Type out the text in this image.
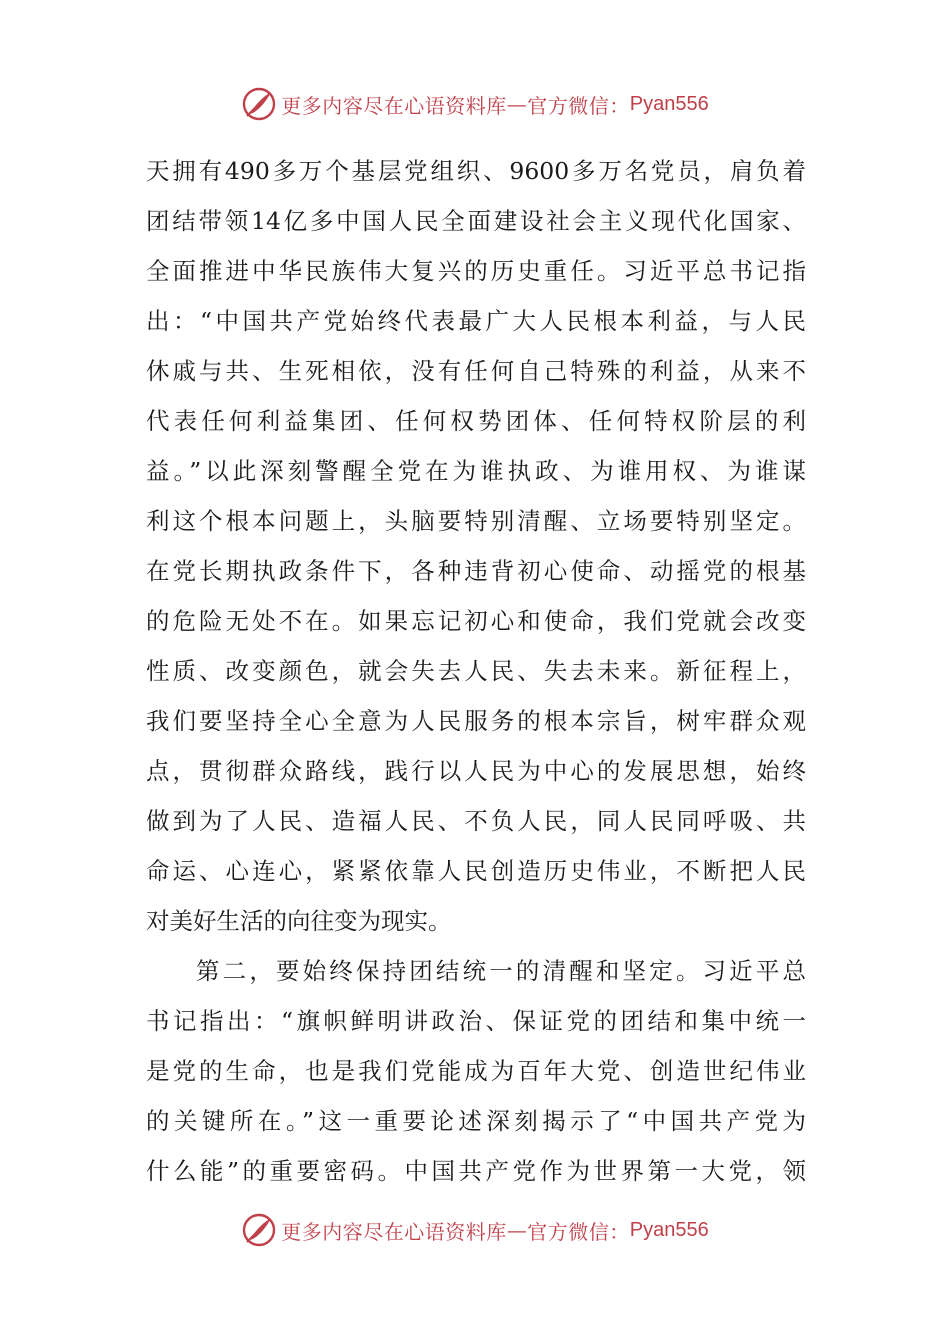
更多内容尽在心语资料库 — 官方微信： Pyan556
天拥有490多万个基层党组织、9600多万名党员，肩负着
团结带领14亿多中国人民全面建设社会主义现代化国家、
全面推进中华民族伟大复兴的历史重任。习近平总书记指
出：“中国共产党始终代表最广大人民根本利益，与人民
休戚与共、生死相依，没有任何自己特殊的利益，从来不
代表任何利益集团、任何权势团体、任何特权阶层的利
益。”以此深刻警醒全党在为谁执政、为谁用权、为谁谋
利这个根本问题上，头脑要特别清醒、立场要特别坚定。
在党长期执政条件下，各种违背初心使命、动摇党的根基
的危险无处不在。如果忘记初心和使命，我们党就会改变
性质、改变颜色，就会失去人民、失去未来。新征程上，
我们要坚持全心全意为人民服务的根本宗旨，树牢群众观
点，贯彻群众路线，践行以人民为中心的发展思想，始终
做到为了人民、造福人民、不负人民，同人民同呼吸、共
命运、心连心，紧紧依靠人民创造历史伟业，不断把人民
对美好生活的向往变为现实。
第二，要始终保持团结统一的清醒和坚定。习近平总
书记指出：“旗帜鲜明讲政治、保证党的团结和集中统一
是党的生命，也是我们党能成为百年大党、创造世纪伟业
的关键所在。”这一重要论述深刻揭示了“中国共产党为
什么能”的重要密码。中国共产党作为世界第一大党，领
更多内容尽在心语资料库 — 官方微信： Pyan556
